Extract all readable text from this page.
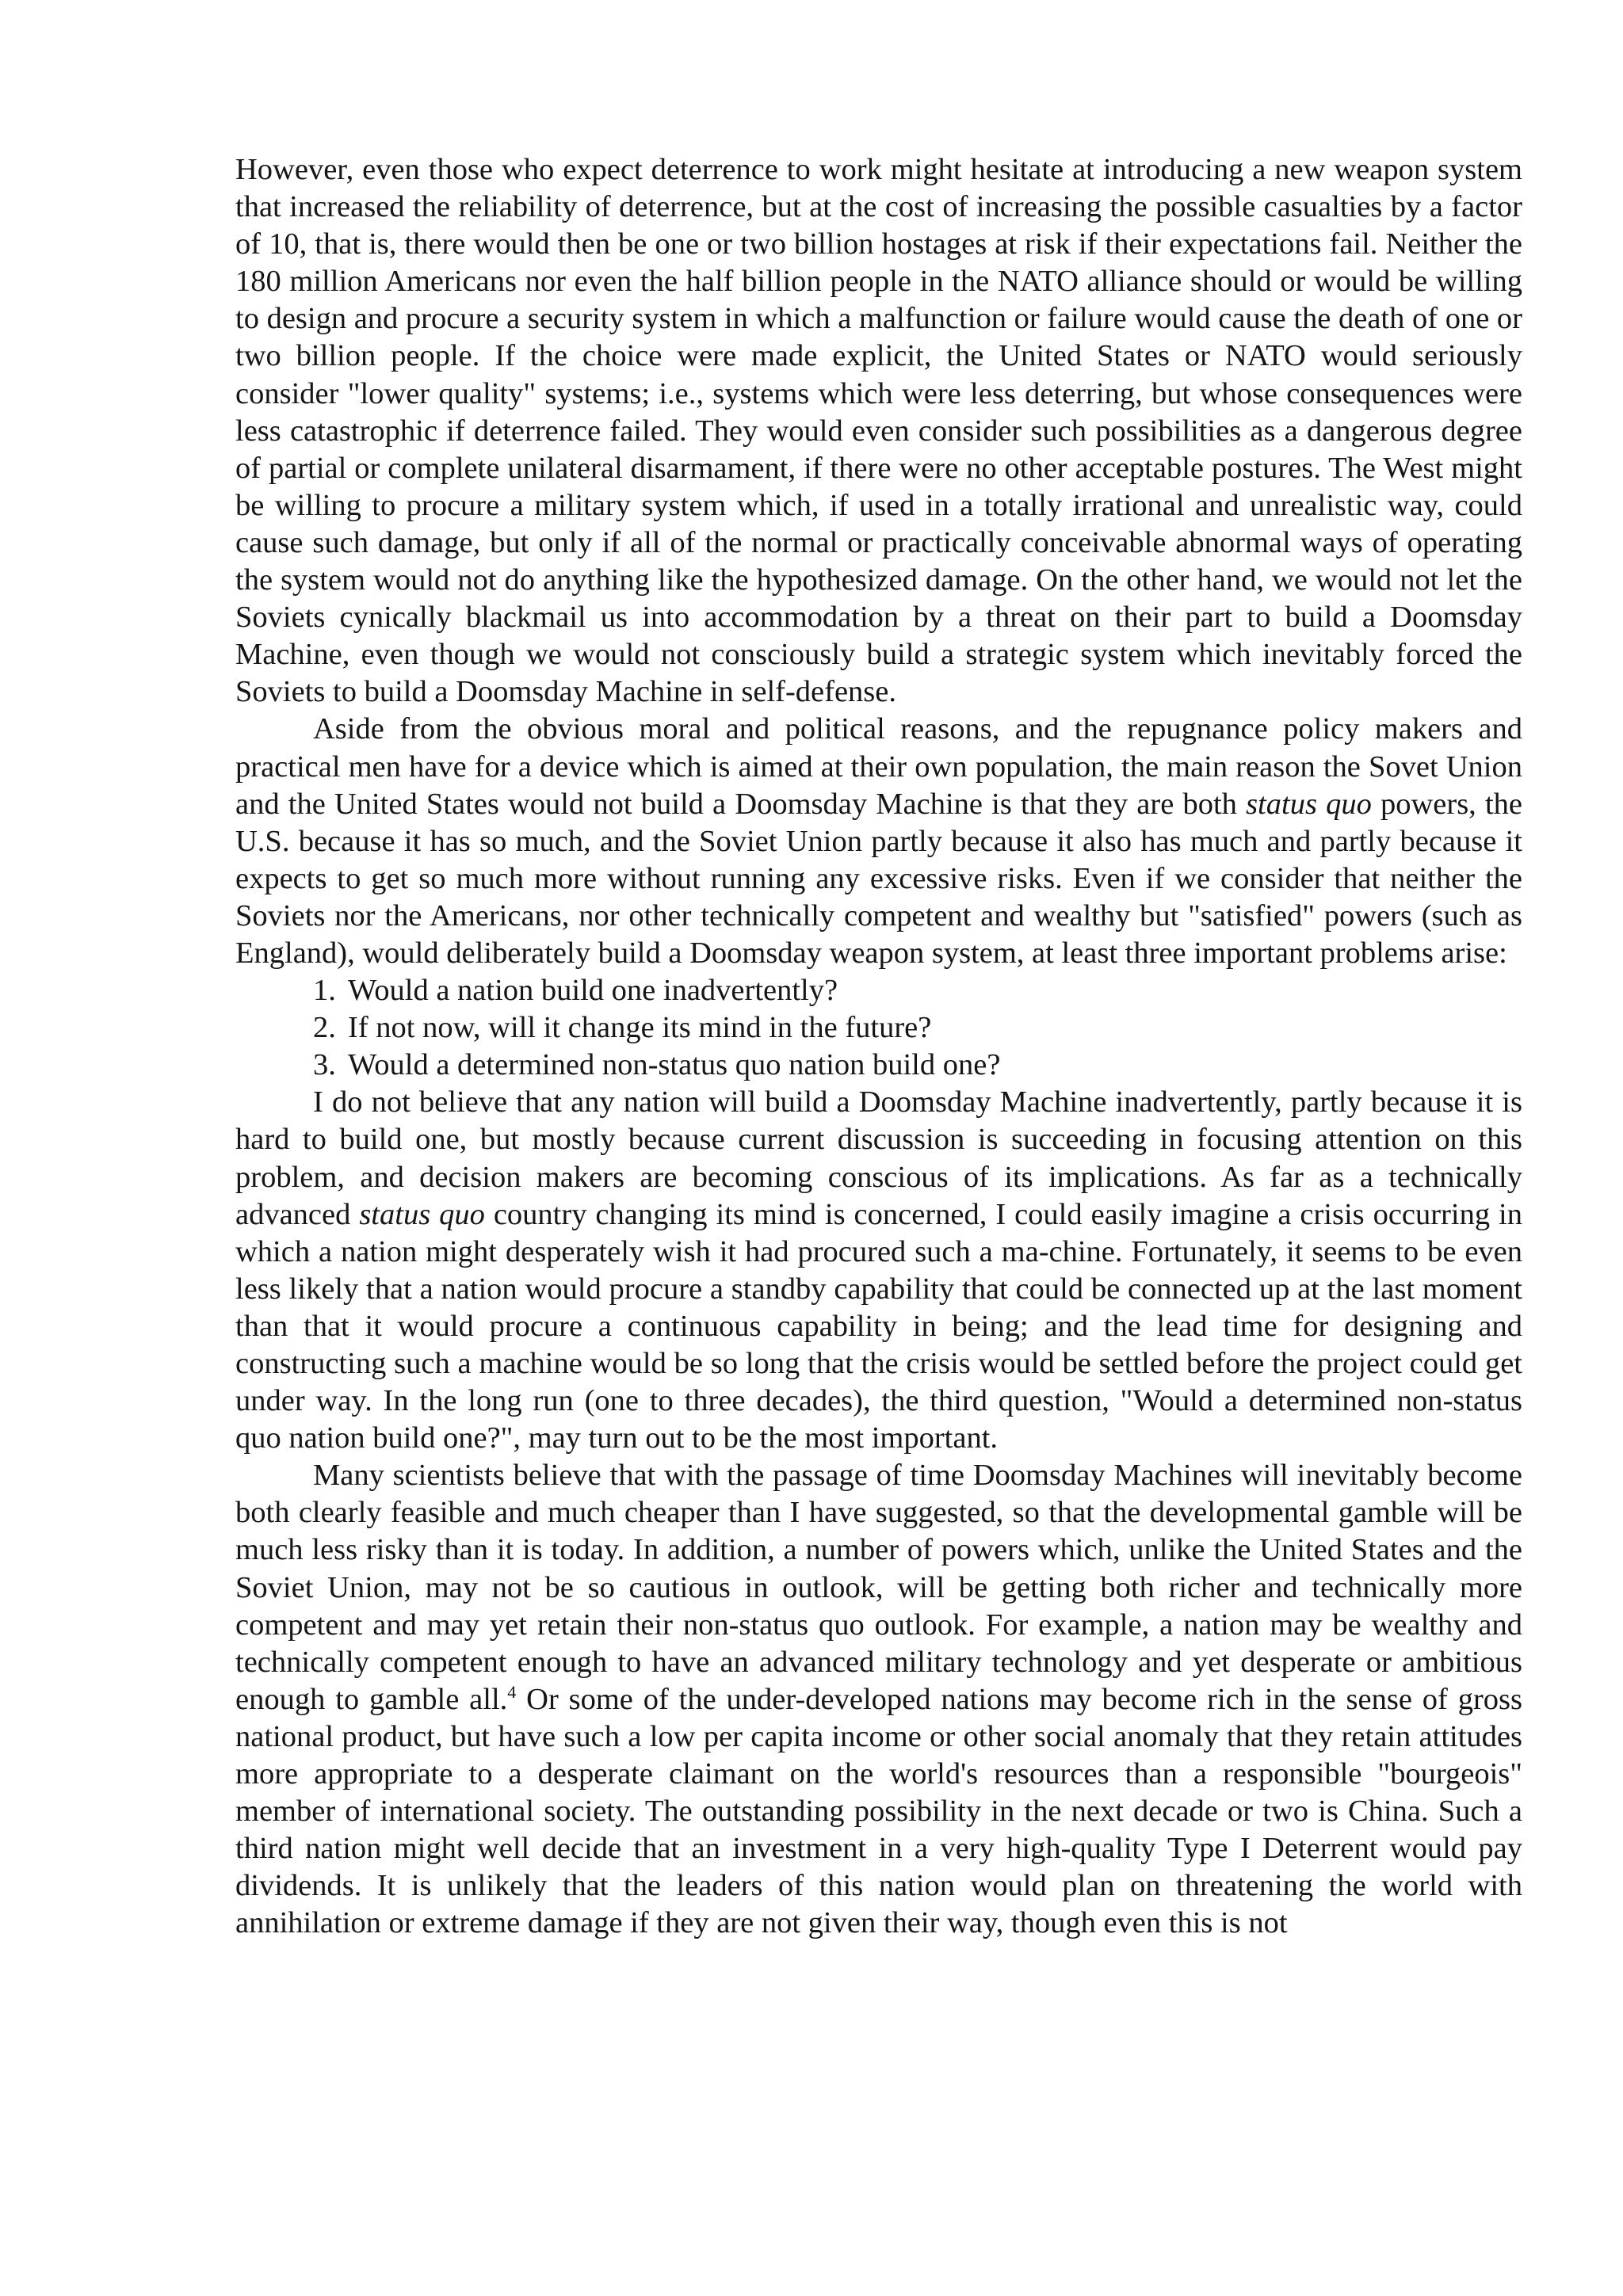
However, even those who expect deterrence to work might hesitate at introducing a new weapon system that increased the reliability of deterrence, but at the cost of increasing the possible casualties by a factor of 10, that is, there would then be one or two billion hostages at risk if their expectations fail. Neither the 180 million Americans nor even the half billion people in the NATO alliance should or would be willing to design and procure a security system in which a malfunction or failure would cause the death of one or two billion people. If the choice were made explicit, the United States or NATO would seriously consider "lower quality" systems; i.e., systems which were less deterring, but whose consequences were less catastrophic if deterrence failed. They would even consider such possibilities as a dangerous degree of partial or complete unilateral disarmament, if there were no other acceptable postures. The West might be willing to procure a military system which, if used in a totally irrational and unrealistic way, could cause such damage, but only if all of the normal or practically conceivable abnormal ways of operating the system would not do anything like the hypothesized damage. On the other hand, we would not let the Soviets cynically blackmail us into accommodation by a threat on their part to build a Doomsday Machine, even though we would not consciously build a strategic system which inevitably forced the Soviets to build a Doomsday Machine in self-defense.

Aside from the obvious moral and political reasons, and the repugnance policy makers and practical men have for a device which is aimed at their own population, the main reason the Sovet Union and the United States would not build a Doomsday Machine is that they are both status quo powers, the U.S. because it has so much, and the Soviet Union partly because it also has much and partly because it expects to get so much more without running any excessive risks. Even if we consider that neither the Soviets nor the Americans, nor other technically competent and wealthy but "satisfied" powers (such as England), would deliberately build a Doomsday weapon system, at least three important problems arise:

1. Would a nation build one inadvertently?
2. If not now, will it change its mind in the future?
3. Would a determined non-status quo nation build one?

I do not believe that any nation will build a Doomsday Machine inadvertently, partly because it is hard to build one, but mostly because current discussion is succeeding in focusing attention on this problem, and decision makers are becoming conscious of its implications. As far as a technically advanced status quo country changing its mind is concerned, I could easily imagine a crisis occurring in which a nation might desperately wish it had procured such a ma-chine. Fortunately, it seems to be even less likely that a nation would procure a standby capability that could be connected up at the last moment than that it would procure a continuous capability in being; and the lead time for designing and constructing such a machine would be so long that the crisis would be settled before the project could get under way. In the long run (one to three decades), the third question, "Would a determined non-status quo nation build one?", may turn out to be the most important.

Many scientists believe that with the passage of time Doomsday Machines will inevitably become both clearly feasible and much cheaper than I have suggested, so that the developmental gamble will be much less risky than it is today. In addition, a number of powers which, unlike the United States and the Soviet Union, may not be so cautious in outlook, will be getting both richer and technically more competent and may yet retain their non-status quo outlook. For example, a nation may be wealthy and technically competent enough to have an advanced military technology and yet desperate or ambitious enough to gamble all.$^4$ Or some of the under-developed nations may become rich in the sense of gross national product, but have such a low per capita income or other social anomaly that they retain attitudes more appropriate to a desperate claimant on the world's resources than a responsible "bourgeois" member of international society. The outstanding possibility in the next decade or two is China. Such a third nation might well decide that an investment in a very high-quality Type I Deterrent would pay dividends. It is unlikely that the leaders of this nation would plan on threatening the world with annihilation or extreme damage if they are not given their way, though even this is not
